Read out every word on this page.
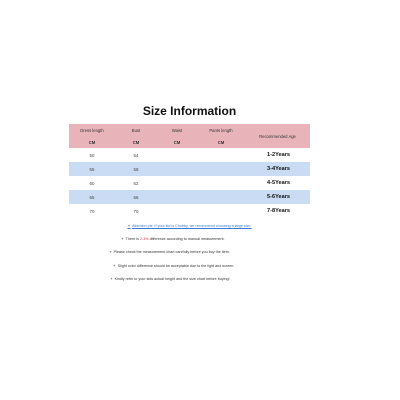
Size Information
Dress length	Bust	Waist	Pants length	Recommended Age
CM	CM	CM	CM	
50	54			1-2Years
55	58			3-4Years
60	62			4-5Years
65	66			5-6Years
70	70			7-8Years
✦ Attention plz: If your kid is Chubby, we recommend choosing a large size.
✦ There is 2-3% difference according to manual measurement.
✦ Please check the measurement chart carefully before you buy the item.
✦ Slight color difference should be acceptable due to the light and screen.
✦ Kindly refer to your kids actual height and the size chart before buying!
